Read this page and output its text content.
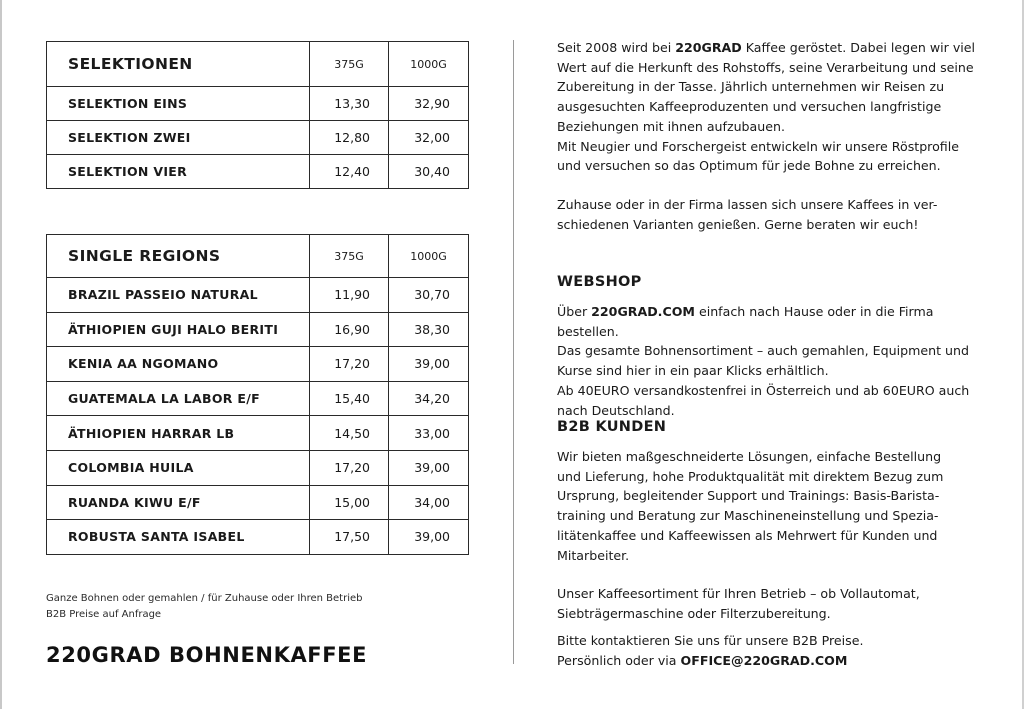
SELEKTIONEN	375G	1000G
SELEKTION EINS	13,30	32,90
SELEKTION ZWEI	12,80	32,00
SELEKTION VIER	12,40	30,40
SINGLE REGIONS	375G	1000G
BRAZIL PASSEIO NATURAL	11,90	30,70
ÄTHIOPIEN GUJI HALO BERITI	16,90	38,30
KENIA AA NGOMANO	17,20	39,00
GUATEMALA LA LABOR E/F	15,40	34,20
ÄTHIOPIEN HARRAR LB	14,50	33,00
COLOMBIA HUILA	17,20	39,00
RUANDA KIWU E/F	15,00	34,00
ROBUSTA SANTA ISABEL	17,50	39,00
Ganze Bohnen oder gemahlen / für Zuhause oder Ihren Betrieb
B2B Preise auf Anfrage
220GRAD BOHNENKAFFEE

Seit 2008 wird bei 220GRAD Kaffee geröstet. Dabei legen wir viel

Wert auf die Herkunft des Rohstoffs, seine Verarbeitung und seine

Zubereitung in der Tasse. Jährlich unternehmen wir Reisen zu

ausgesuchten Kaffeeproduzenten und versuchen langfristige

Beziehungen mit ihnen aufzubauen.

Mit Neugier und Forschergeist entwickeln wir unsere Röstprofile

und versuchen so das Optimum für jede Bohne zu erreichen.

Zuhause oder in der Firma lassen sich unsere Kaffees in ver-

schiedenen Varianten genießen. Gerne beraten wir euch!

WEBSHOP

Über 220GRAD.COM einfach nach Hause oder in die Firma bestellen.

Das gesamte Bohnensortiment – auch gemahlen, Equipment und

Kurse sind hier in ein paar Klicks erhältlich.

Ab 40EURO versandkostenfrei in Österreich und ab 60EURO auch

nach Deutschland.

B2B KUNDEN

Wir bieten maßgeschneiderte Lösungen, einfache Bestellung

und Lieferung, hohe Produktqualität mit direktem Bezug zum

Ursprung, begleitender Support und Trainings: Basis-Barista-

training und Beratung zur Maschineneinstellung und Spezia-

litätenkaffee und Kaffeewissen als Mehrwert für Kunden und

Mitarbeiter.

Unser Kaffeesortiment für Ihren Betrieb – ob Vollautomat,

Siebträgermaschine oder Filterzubereitung.

Bitte kontaktieren Sie uns für unsere B2B Preise.

Persönlich oder via OFFICE@220GRAD.COM
